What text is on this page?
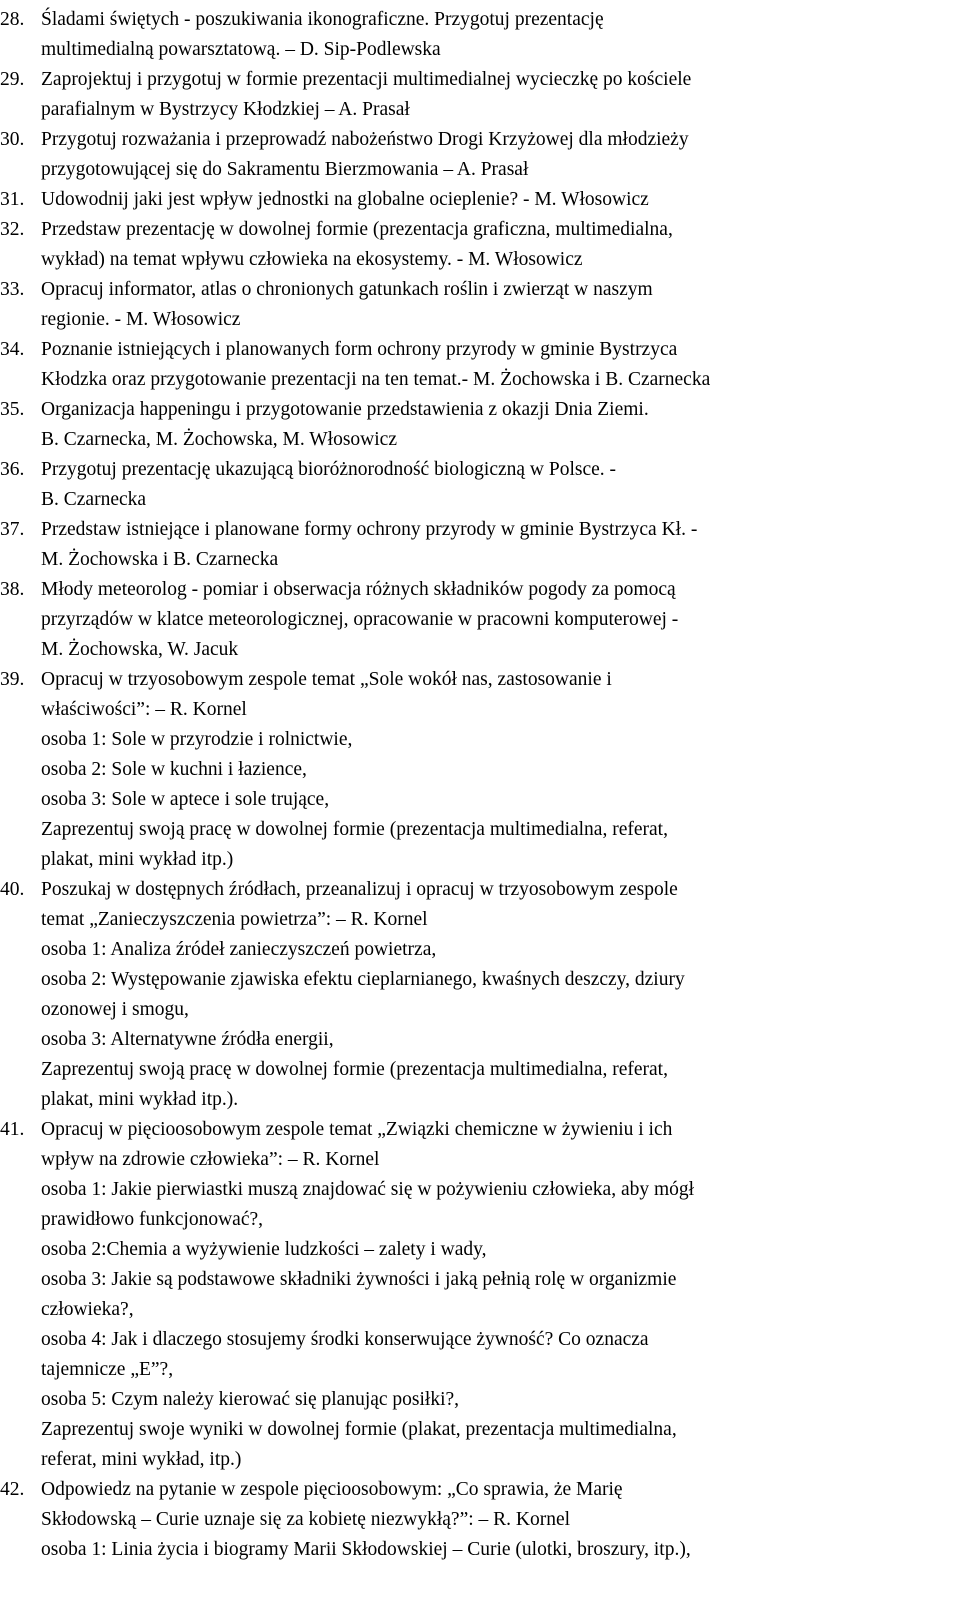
28. Śladami świętych - poszukiwania ikonograficzne. Przygotuj prezentację
multimedialną powarsztatową. – D. Sip-Podlewska
29. Zaprojektuj i przygotuj w formie prezentacji multimedialnej wycieczkę po kościele
parafialnym w Bystrzycy Kłodzkiej – A. Prasał
30. Przygotuj rozważania i przeprowadź nabożeństwo Drogi Krzyżowej dla młodzieży
przygotowującej się do Sakramentu Bierzmowania – A. Prasał
31. Udowodnij jaki jest wpływ jednostki na globalne ocieplenie? - M. Włosowicz
32. Przedstaw prezentację w dowolnej formie (prezentacja graficzna, multimedialna,
wykład) na temat wpływu człowieka na ekosystemy. - M. Włosowicz
33. Opracuj informator, atlas o chronionych gatunkach roślin i zwierząt w naszym
regionie. - M. Włosowicz
34. Poznanie istniejących i planowanych form ochrony przyrody w gminie Bystrzyca
Kłodzka oraz przygotowanie prezentacji na ten temat.- M. Żochowska i B. Czarnecka
35. Organizacja happeningu i przygotowanie przedstawienia z okazji Dnia Ziemi.
B. Czarnecka, M. Żochowska, M. Włosowicz
36. Przygotuj prezentację ukazującą bioróżnorodność biologiczną w Polsce. -
B. Czarnecka
37. Przedstaw istniejące i planowane formy ochrony przyrody w gminie Bystrzyca Kł. -
M. Żochowska i B. Czarnecka
38. Młody meteorolog - pomiar i obserwacja różnych składników pogody za pomocą
przyrządów w klatce meteorologicznej, opracowanie w pracowni komputerowej -
M. Żochowska, W. Jacuk
39. Opracuj w trzyosobowym zespole temat „Sole wokół nas, zastosowanie i
właściwości”: – R. Kornel
osoba 1: Sole w przyrodzie i rolnictwie,
osoba 2: Sole w kuchni i łazience,
osoba 3: Sole w aptece i sole trujące,
Zaprezentuj swoją pracę w dowolnej formie (prezentacja multimedialna, referat,
plakat, mini wykład itp.)
40. Poszukaj w dostępnych źródłach, przeanalizuj i opracuj w trzyosobowym zespole
temat „Zanieczyszczenia powietrza”: – R. Kornel
osoba 1: Analiza źródeł zanieczyszczeń powietrza,
osoba 2: Występowanie zjawiska efektu cieplarnianego, kwaśnych deszczy, dziury
ozonowej i smogu,
osoba 3: Alternatywne źródła energii,
Zaprezentuj swoją pracę w dowolnej formie (prezentacja multimedialna, referat,
plakat, mini wykład itp.).
41. Opracuj w pięcioosobowym zespole temat „Związki chemiczne w żywieniu i ich
wpływ na zdrowie człowieka”: – R. Kornel
osoba 1: Jakie pierwiastki muszą znajdować się w pożywieniu człowieka, aby mógł
prawidłowo funkcjonować?,
osoba 2:Chemia a wyżywienie ludzkości – zalety i wady,
osoba 3: Jakie są podstawowe składniki żywności i jaką pełnią rolę w organizmie
człowieka?,
osoba 4: Jak i dlaczego stosujemy środki konserwujące żywność? Co oznacza
tajemnicze „E”?,
osoba 5: Czym należy kierować się planując posiłki?,
Zaprezentuj swoje wyniki w dowolnej formie (plakat, prezentacja multimedialna,
referat, mini wykład, itp.)
42. Odpowiedz na pytanie w zespole pięcioosobowym: „Co sprawia, że Marię
Skłodowską – Curie uznaje się za kobietę niezwykłą?”: – R. Kornel
osoba 1: Linia życia i biogramy Marii Skłodowskiej – Curie (ulotki, broszury, itp.),
